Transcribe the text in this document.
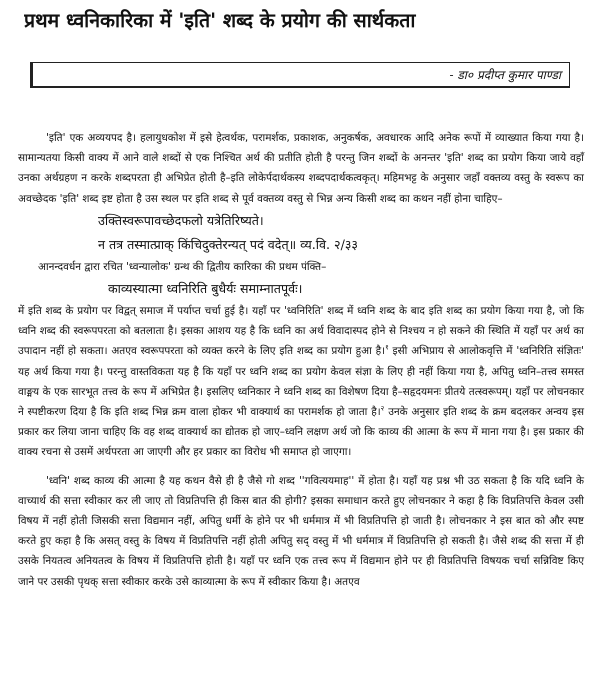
प्रथम ध्वनिकारिका में 'इति' शब्द के प्रयोग की सार्थकता
- डा० प्रदीप्त कुमार पाण्डा

'इति' एक अव्ययपद है। हलायुधकोश में इसे हेत्वर्थक, परामर्शक, प्रकाशक, अनुकर्षक, अवधारक आदि अनेक रूपों में व्याख्यात किया गया है। सामान्यतया किसी वाक्य में आने वाले शब्दों से एक निश्चित अर्थ की प्रतीति होती है परन्तु जिन शब्दों के अनन्तर 'इति' शब्द का प्रयोग किया जाये वहाँ उनका अर्थग्रहण न करके शब्दपरता ही अभिप्रेत होती है–इति लोकेर्पदार्थकस्य शब्दपदार्थकत्वकृत्। महिमभट्ट के अनुसार जहाँ वक्तव्य वस्तु के स्वरूप का अवच्छेदक 'इति' शब्द इष्ट होता है उस स्थल पर इति शब्द से पूर्व वक्तव्य वस्तु से भिन्न अन्य किसी शब्द का कथन नहीं होना चाहिए–

उक्तिस्वरूपावच्छेदफलो यत्रेतिरिष्यते।

न तत्र तस्मात्प्राक् किंचिदुक्तेरन्यत् पदं वदेत्॥ व्य.वि. २/३३

आनन्दवर्धन द्वारा रचित 'ध्वन्यालोक' ग्रन्थ की द्वितीय कारिका की प्रथम पंक्ति–

काव्यस्यात्मा ध्वनिरिति बुधैर्यः समाम्नातपूर्वः।

में इति शब्द के प्रयोग पर विद्वत् समाज में पर्याप्त चर्चा हुई है। यहाँ पर 'ध्वनिरिति' शब्द में ध्वनि शब्द के बाद इति शब्द का प्रयोग किया गया है, जो कि ध्वनि शब्द की स्वरूपपरता को बतलाता है। इसका आशय यह है कि ध्वनि का अर्थ विवादास्पद होने से निश्चय न हो सकने की स्थिति में यहाँ पर अर्थ का उपादान नहीं हो सकता। अतएव स्वरूपपरता को व्यक्त करने के लिए इति शब्द का प्रयोग हुआ है।$^१$ इसी अभिप्राय से आलोकवृत्ति में 'ध्वनिरिति संज्ञितः' यह अर्थ किया गया है। परन्तु वास्तविकता यह है कि यहाँ पर ध्वनि शब्द का प्रयोग केवल संज्ञा के लिए ही नहीं किया गया है, अपितु ध्वनि–तत्त्व समस्त वाङ्मय के एक सारभूत तत्त्व के रूप में अभिप्रेत है। इसलिए ध्वनिकार ने ध्वनि शब्द का विशेषण दिया है–सहृदयमनः प्रीतये तत्स्वरूपम्। यहाँ पर लोचनकार ने स्पष्टीकरण दिया है कि इति शब्द भिन्न क्रम वाला होकर भी वाक्यार्थ का परामर्शक हो जाता है।$^२$ उनके अनुसार इति शब्द के क्रम बदलकर अन्वय इस प्रकार कर लिया जाना चाहिए कि वह शब्द वाक्यार्थ का द्योतक हो जाए–ध्वनि लक्षण अर्थ जो कि काव्य की आत्मा के रूप में माना गया है। इस प्रकार की वाक्य रचना से उसमें अर्थपरता आ जाएगी और हर प्रकार का विरोध भी समाप्त हो जाएगा।

'ध्वनि' शब्द काव्य की आत्मा है यह कथन वैसे ही है जैसे गो शब्द ''गवित्ययमाह'' में होता है। यहाँ यह प्रश्न भी उठ सकता है कि यदि ध्वनि के वाच्यार्थ की सत्ता स्वीकार कर ली जाए तो विप्रतिपत्ति ही किस बात की होगी? इसका समाधान करते हुए लोचनकार ने कहा है कि विप्रतिपत्ति केवल उसी विषय में नहीं होती जिसकी सत्ता विद्यमान नहीं, अपितु धर्मी के होने पर भी धर्ममात्र में भी विप्रतिपत्ति हो जाती है। लोचनकार ने इस बात को और स्पष्ट करते हुए कहा है कि असत् वस्तु के विषय में विप्रतिपत्ति नहीं होती अपितु सद् वस्तु में भी धर्ममात्र में विप्रतिपत्ति हो सकती है। जैसे शब्द की सत्ता में ही उसके नियतत्व अनियतत्व के विषय में विप्रतिपत्ति होती है। यहाँ पर ध्वनि एक तत्त्व रूप में विद्यमान होने पर ही विप्रतिपत्ति विषयक चर्चा सन्निविष्ट किए जाने पर उसकी पृथक् सत्ता स्वीकार करके उसे काव्यात्मा के रूप में स्वीकार किया है। अतएव
